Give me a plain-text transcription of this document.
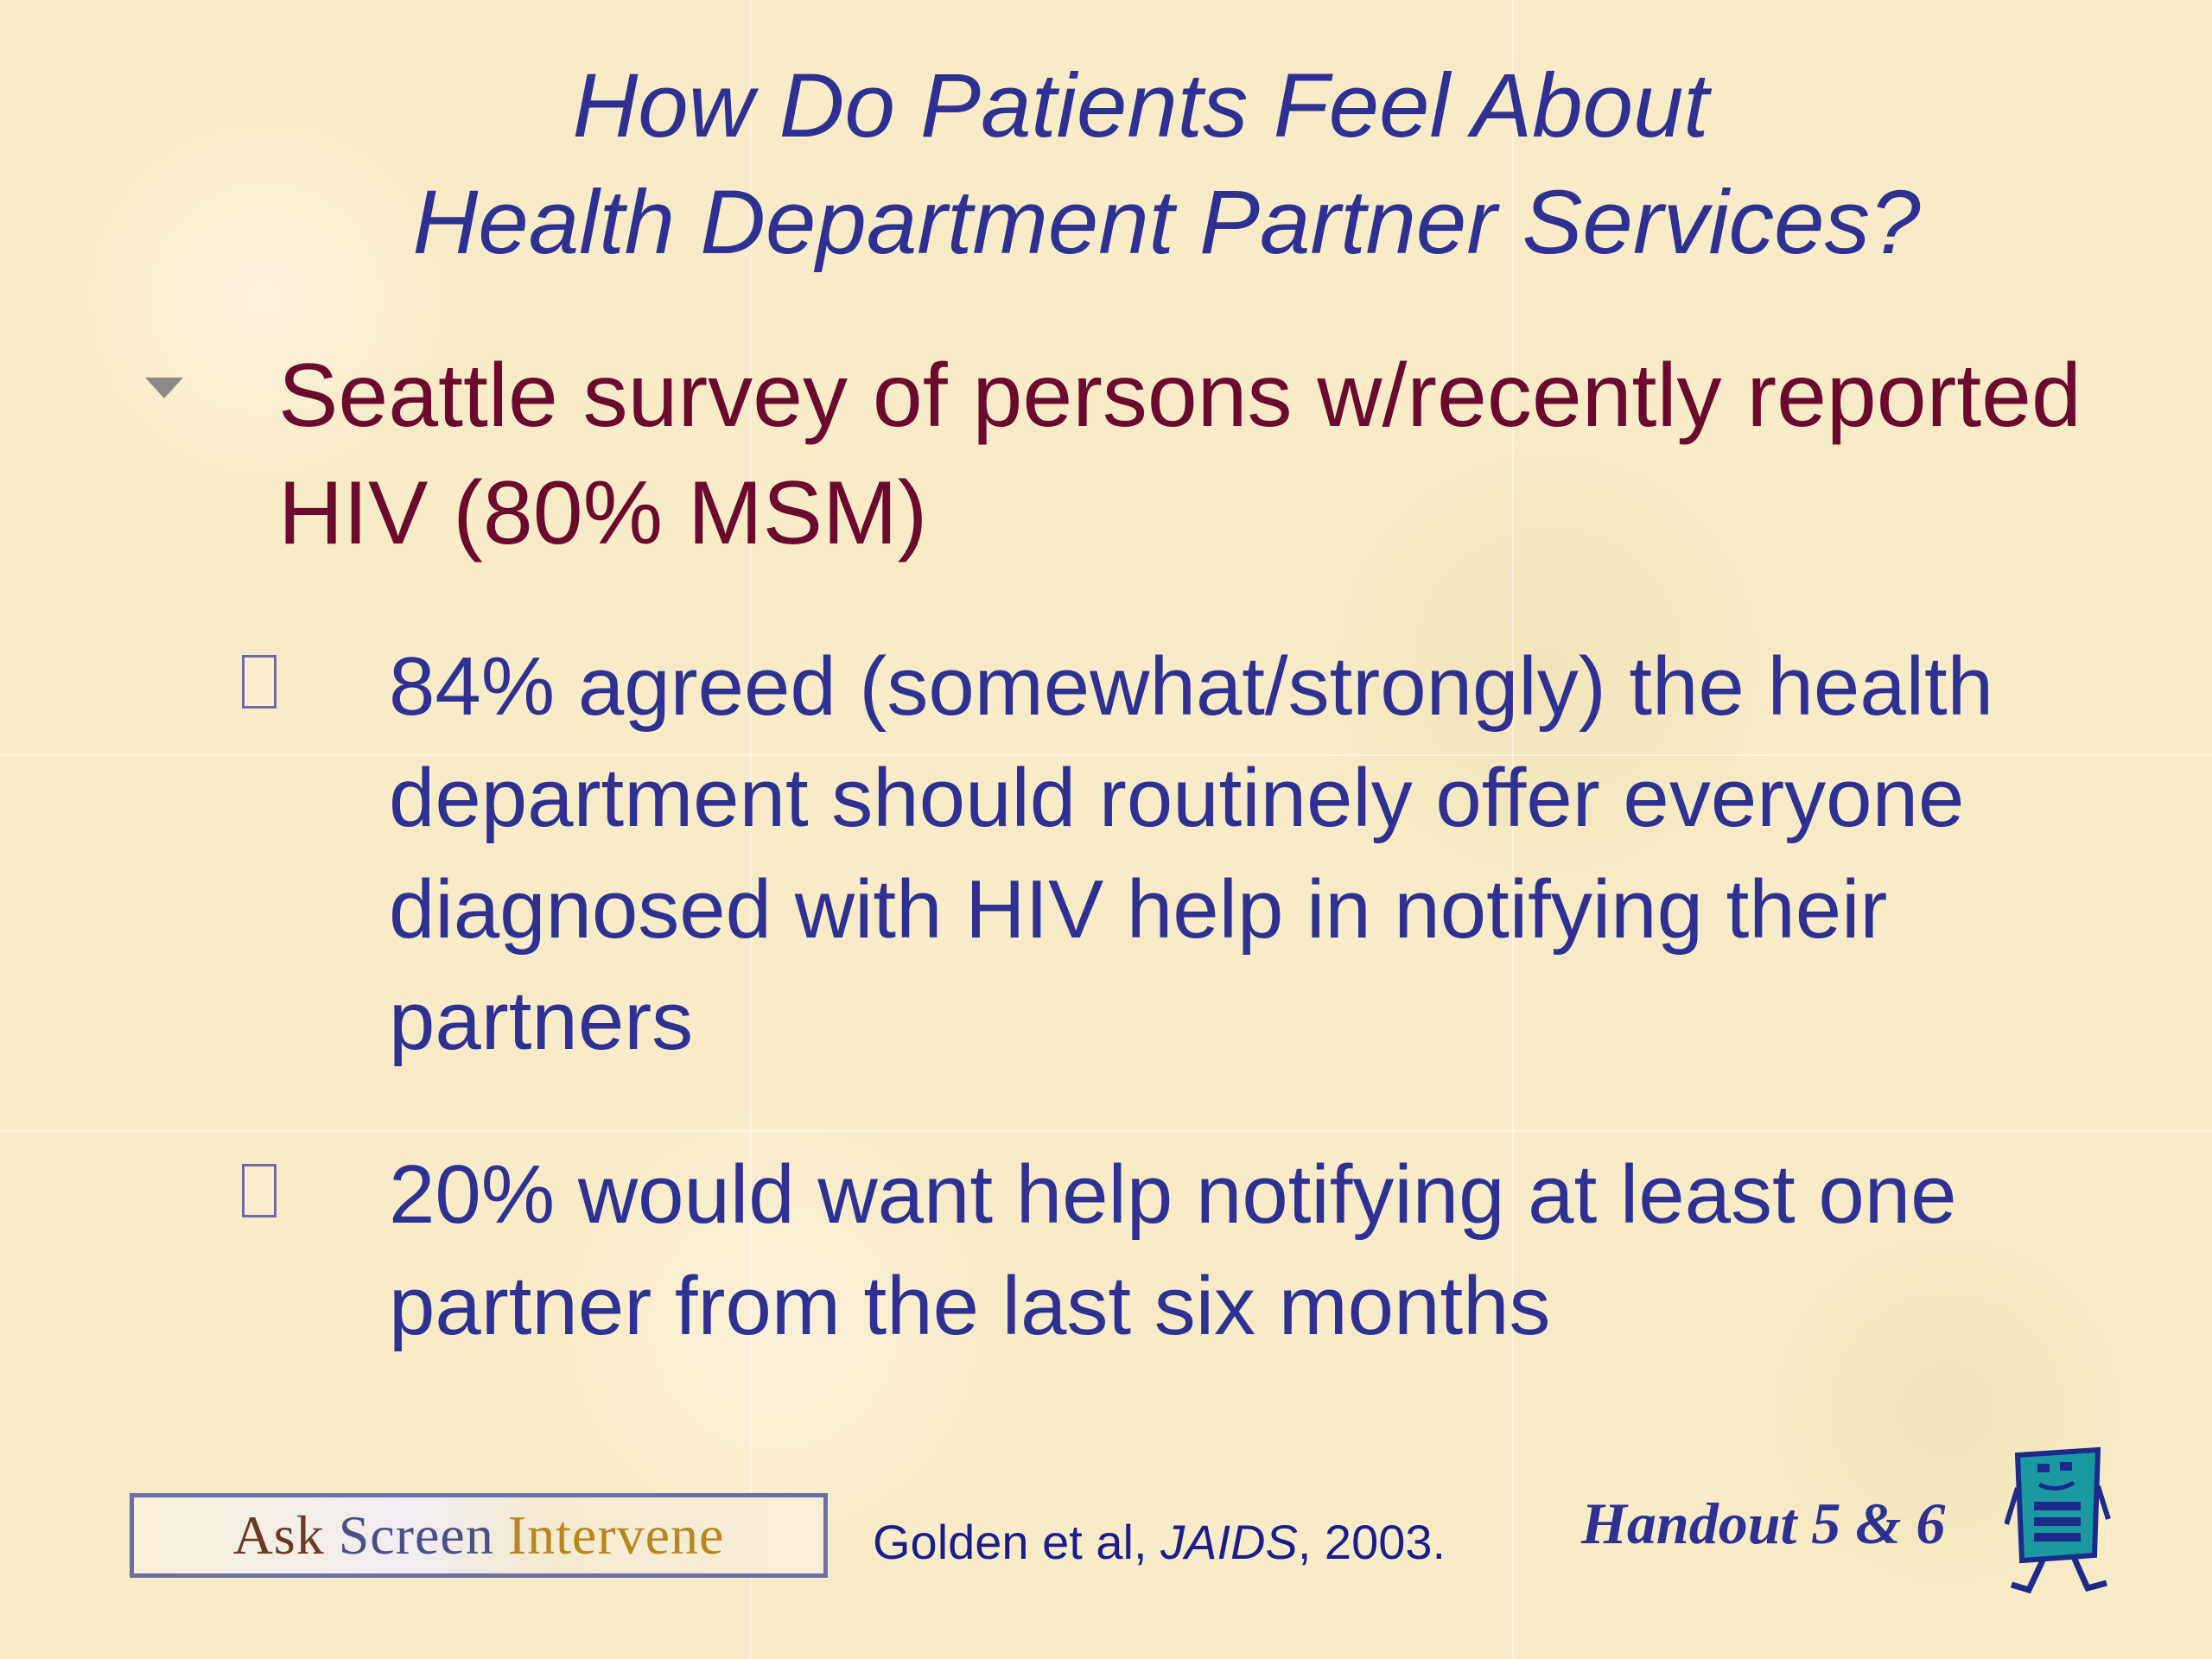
How Do Patients Feel About
Health Department Partner Services?
Seattle survey of persons w/recently reported HIV (80% MSM)
84% agreed (somewhat/strongly) the health department should routinely offer everyone diagnosed with HIV help in notifying their partners
20% would want help notifying at least one partner from the last six months
Ask Screen Intervene	Golden et al, JAIDS, 2003. Handout 5 & 6
